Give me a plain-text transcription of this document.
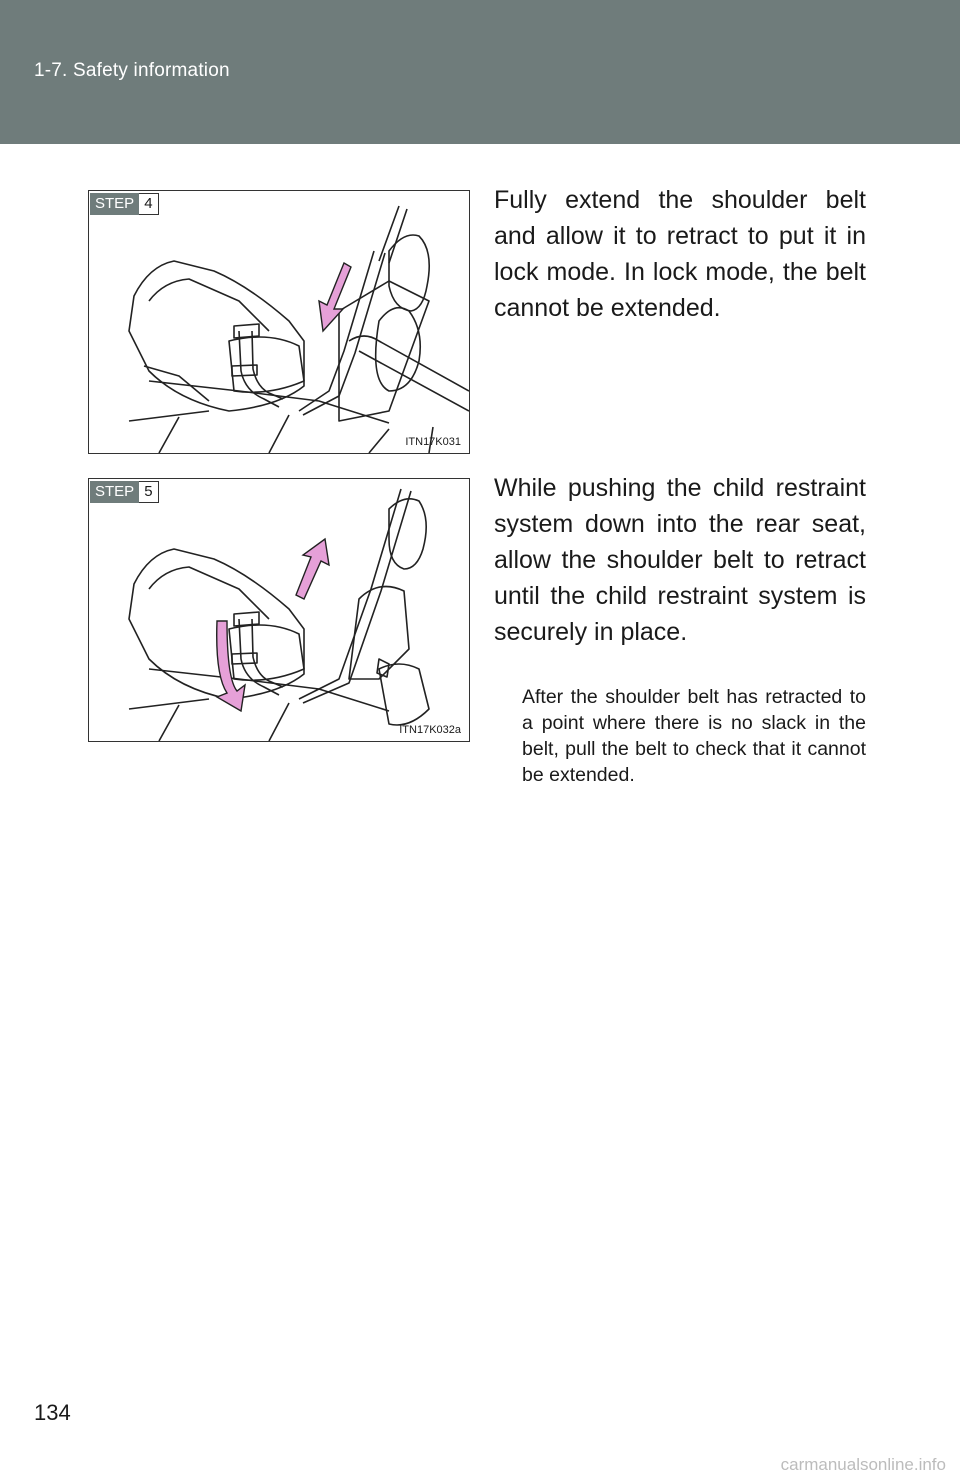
1-7. Safety information
STEP 4
ITN17K031

Fully extend the shoulder belt and allow it to retract to put it in lock mode. In lock mode, the belt cannot be extended.

STEP 5
ITN17K032a

While pushing the child restraint system down into the rear seat, allow the shoulder belt to retract until the child restraint system is securely in place.

After the shoulder belt has retracted to a point where there is no slack in the belt, pull the belt to check that it cannot be extended.

134
carmanualsonline.info
